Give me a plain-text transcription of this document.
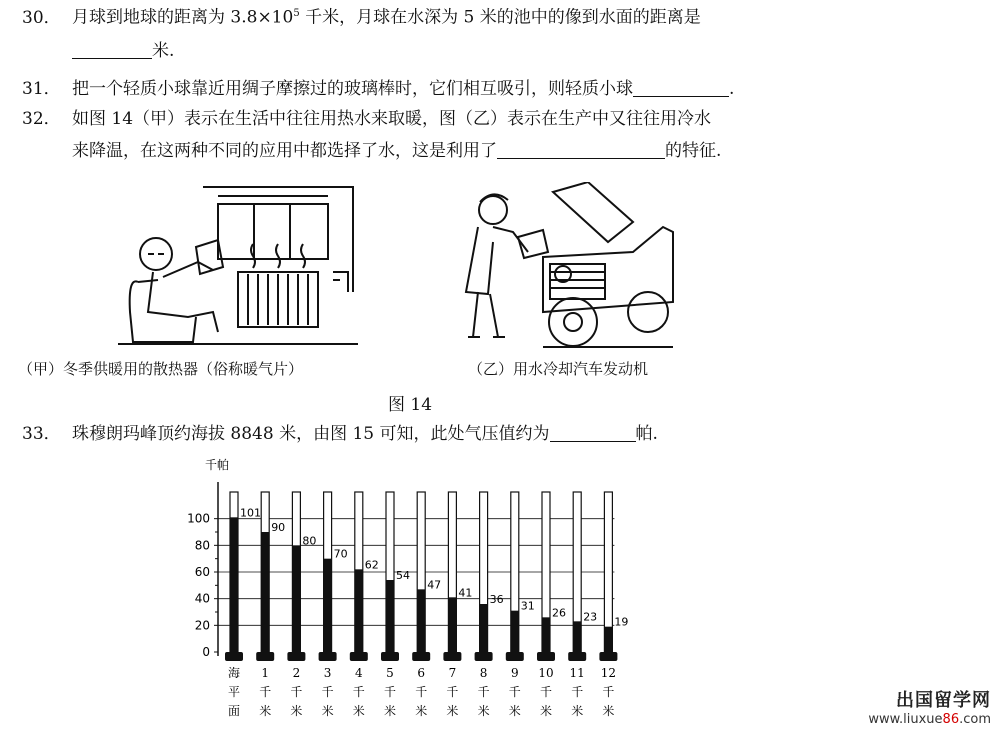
30． 月球到地球的距离为 $3.8\times 10^5$ 千米，月球在水深为 5 米的池中的像到水面的距离是
米.
31． 把一个轻质小球靠近用绸子摩擦过的玻璃棒时，它们相互吸引，则轻质小球	.
32． 如图 14（甲）表示在生活中往往用热水来取暖，图（乙）表示在生产中又往往用冷水
来降温，在这两种不同的应用中都选择了水，这是利用了	的特征.
（甲）冬季供暖用的散热器（俗称暖气片）	（乙）用水冷却汽车发动机
图 14
33． 珠穆朗玛峰顶约海拔 8848 米，由图 15 可知，此处气压值约为	帕.
千帕
0
20
40
60
80
100	101
海
平
面
90
1
千
米
80
2
千
米
70
3
千
米
62
4
千
米
54
5
千
米
47
6
千
米
41
7
千
米
36
8
千
米
31
9
千
米
26
10
千
米
23
11
千
米
19
12
千
米	出国留学网
www.liuxue86.com
